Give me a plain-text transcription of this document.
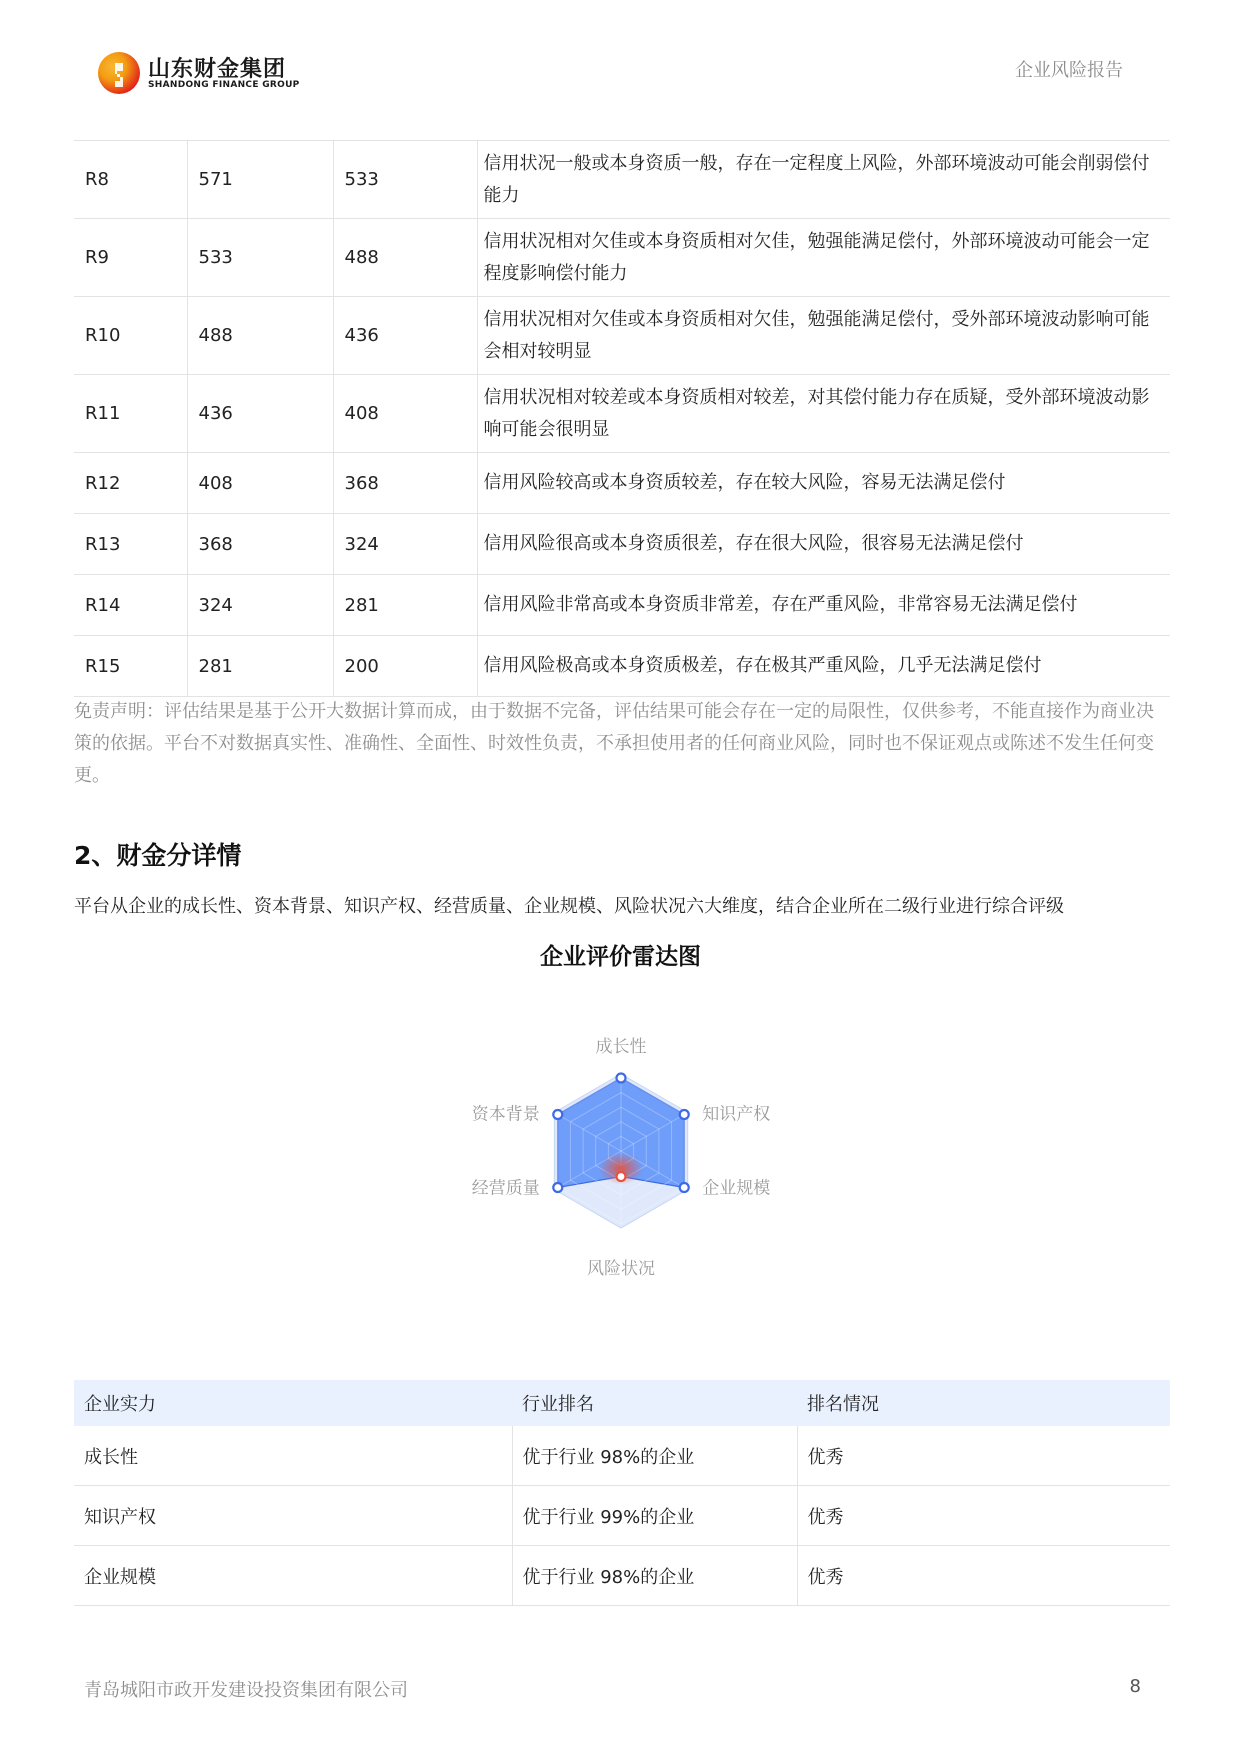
山东财金集团
SHANDONG FINANCE GROUP
企业风险报告
R8	571	533	信用状况一般或本身资质一般，存在一定程度上风险，外部环境波动可能会削弱偿付能力
R9	533	488	信用状况相对欠佳或本身资质相对欠佳，勉强能满足偿付，外部环境波动可能会一定程度影响偿付能力
R10	488	436	信用状况相对欠佳或本身资质相对欠佳，勉强能满足偿付，受外部环境波动影响可能会相对较明显
R11	436	408	信用状况相对较差或本身资质相对较差，对其偿付能力存在质疑，受外部环境波动影响可能会很明显
R12	408	368	信用风险较高或本身资质较差，存在较大风险，容易无法满足偿付
R13	368	324	信用风险很高或本身资质很差，存在很大风险，很容易无法满足偿付
R14	324	281	信用风险非常高或本身资质非常差，存在严重风险，非常容易无法满足偿付
R15	281	200	信用风险极高或本身资质极差，存在极其严重风险，几乎无法满足偿付
免责声明：评估结果是基于公开大数据计算而成，由于数据不完备，评估结果可能会存在一定的局限性，仅供参考，不能直接作为商业决策的依据。平台不对数据真实性、准确性、全面性、时效性负责，不承担使用者的任何商业风险，同时也不保证观点或陈述不发生任何变更。
2、财金分详情
平台从企业的成长性、资本背景、知识产权、经营质量、企业规模、风险状况六大维度，结合企业所在二级行业进行综合评级
企业评价雷达图
成长性
知识产权
企业规模
风险状况
经营质量
资本背景
企业实力	行业排名	排名情况
成长性	优于行业 98%的企业	优秀
知识产权	优于行业 99%的企业	优秀
企业规模	优于行业 98%的企业	优秀
青岛城阳市政开发建设投资集团有限公司	8
